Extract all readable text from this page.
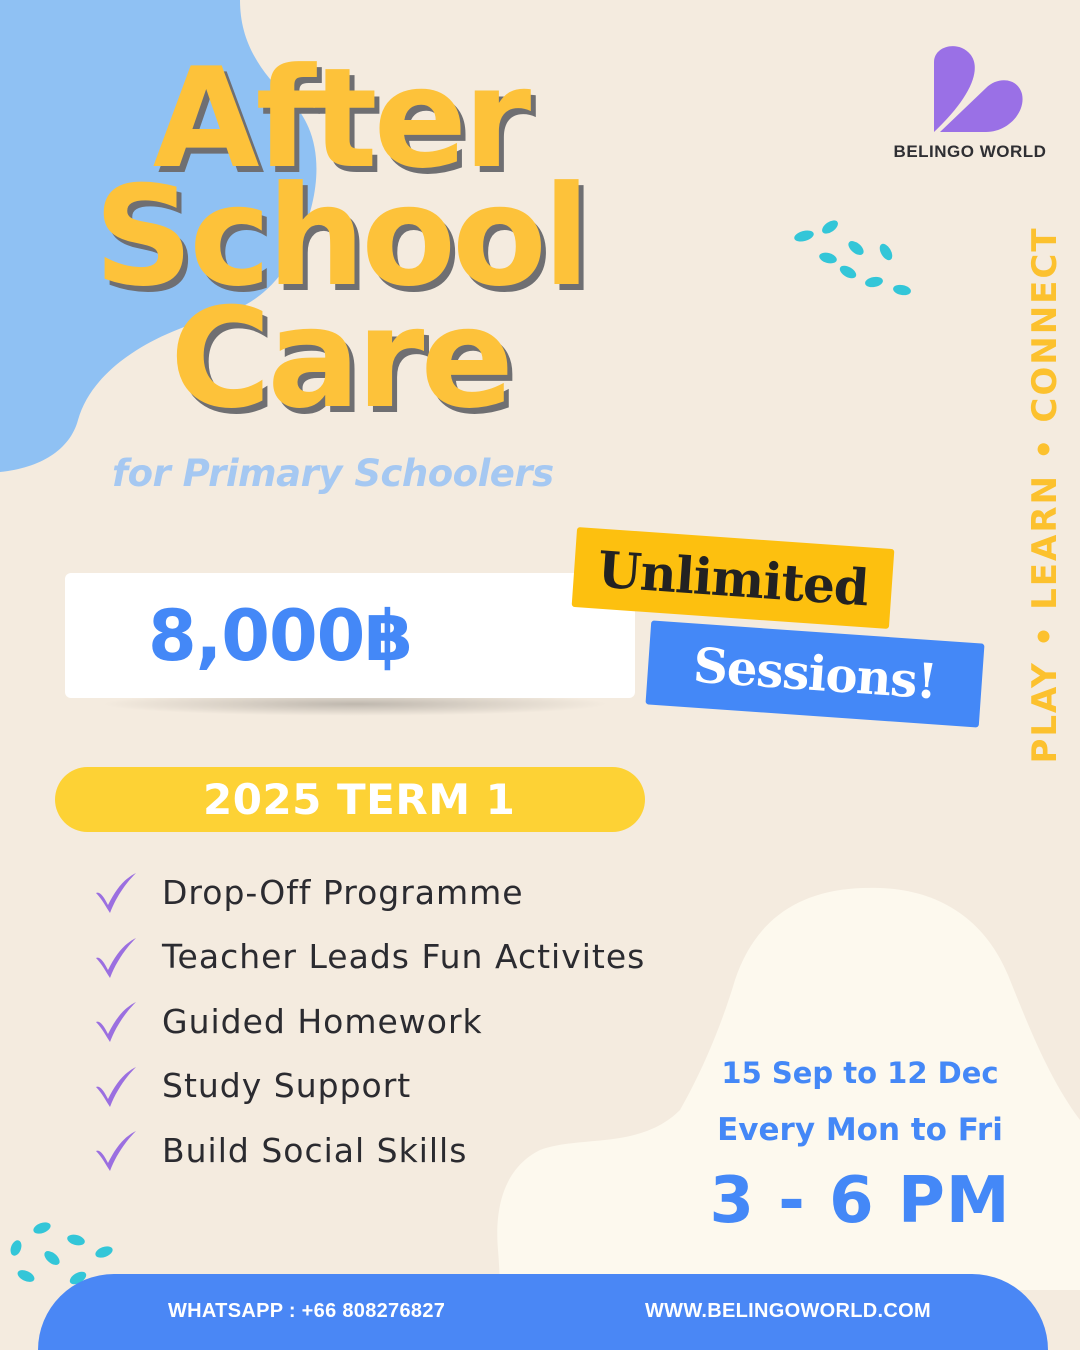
After
School
Care
for Primary Schoolers
BELINGO WORLD
PLAY • LEARN • CONNECT
8,000฿
Unlimited
Sessions!
2025 TERM 1
Drop-Off Programme
Teacher Leads Fun Activites
Guided Homework
Study Support
Build Social Skills
15 Sep to 12 Dec
Every Mon to Fri
3 - 6 PM
WHATSAPP : +66 808276827	WWW.BELINGOWORLD.COM
